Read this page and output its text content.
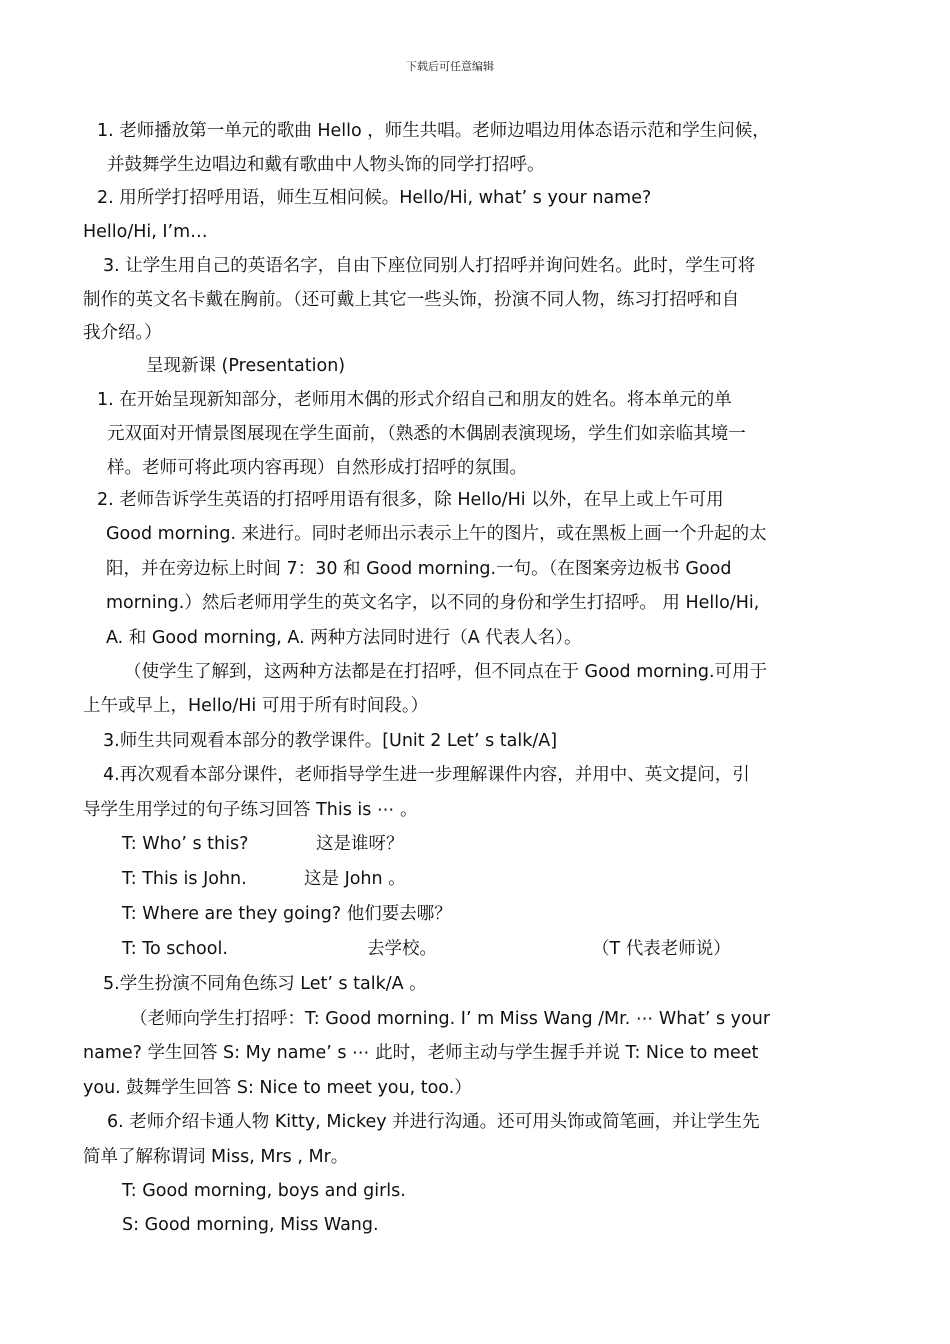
下载后可任意编辑
1. 老师播放第一单元的歌曲 Hello ，师生共唱。老师边唱边用体态语示范和学生问候，
并鼓舞学生边唱边和戴有歌曲中人物头饰的同学打招呼。
2. 用所学打招呼用语，师生互相问候。Hello/Hi, what’ s your name?
Hello/Hi, I’m…
3. 让学生用自己的英语名字，自由下座位同别人打招呼并询问姓名。此时，学生可将
制作的英文名卡戴在胸前。（还可戴上其它一些头饰，扮演不同人物，练习打招呼和自
我介绍。）
呈现新课 (Presentation)
1. 在开始呈现新知部分，老师用木偶的形式介绍自己和朋友的姓名。将本单元的单
元双面对开情景图展现在学生面前，（熟悉的木偶剧表演现场，学生们如亲临其境一
样。老师可将此项内容再现）自然形成打招呼的氛围。
2. 老师告诉学生英语的打招呼用语有很多，除 Hello/Hi 以外，在早上或上午可用
Good morning. 来进行。同时老师出示表示上午的图片，或在黑板上画一个升起的太
阳，并在旁边标上时间 7：30 和 Good morning.一句。（在图案旁边板书 Good
morning.）然后老师用学生的英文名字，以不同的身份和学生打招呼。 用 Hello/Hi,
A. 和 Good morning, A. 两种方法同时进行（A 代表人名）。
（使学生了解到，这两种方法都是在打招呼，但不同点在于 Good morning.可用于
上午或早上，Hello/Hi 可用于所有时间段。）
3.师生共同观看本部分的教学课件。[Unit 2 Let’ s talk/A]
4.再次观看本部分课件，老师指导学生进一步理解课件内容，并用中、英文提问，引
导学生用学过的句子练习回答 This is ⋯ 。
T: Who’ s this?	这是谁呀？
T: This is John.	这是 John 。
T: Where are they going? 他们要去哪？
T: To school.	去学校。	（T 代表老师说）
5.学生扮演不同角色练习 Let’ s talk/A 。
（老师向学生打招呼：T: Good morning. I’ m Miss Wang /Mr. ⋯ What’ s your
name? 学生回答 S: My name’ s ⋯ 此时，老师主动与学生握手并说 T: Nice to meet
you. 鼓舞学生回答 S: Nice to meet you, too.）
6. 老师介绍卡通人物 Kitty, Mickey 并进行沟通。还可用头饰或简笔画，并让学生先
简单了解称谓词 Miss, Mrs , Mr。
T: Good morning, boys and girls.
S: Good morning, Miss Wang.
